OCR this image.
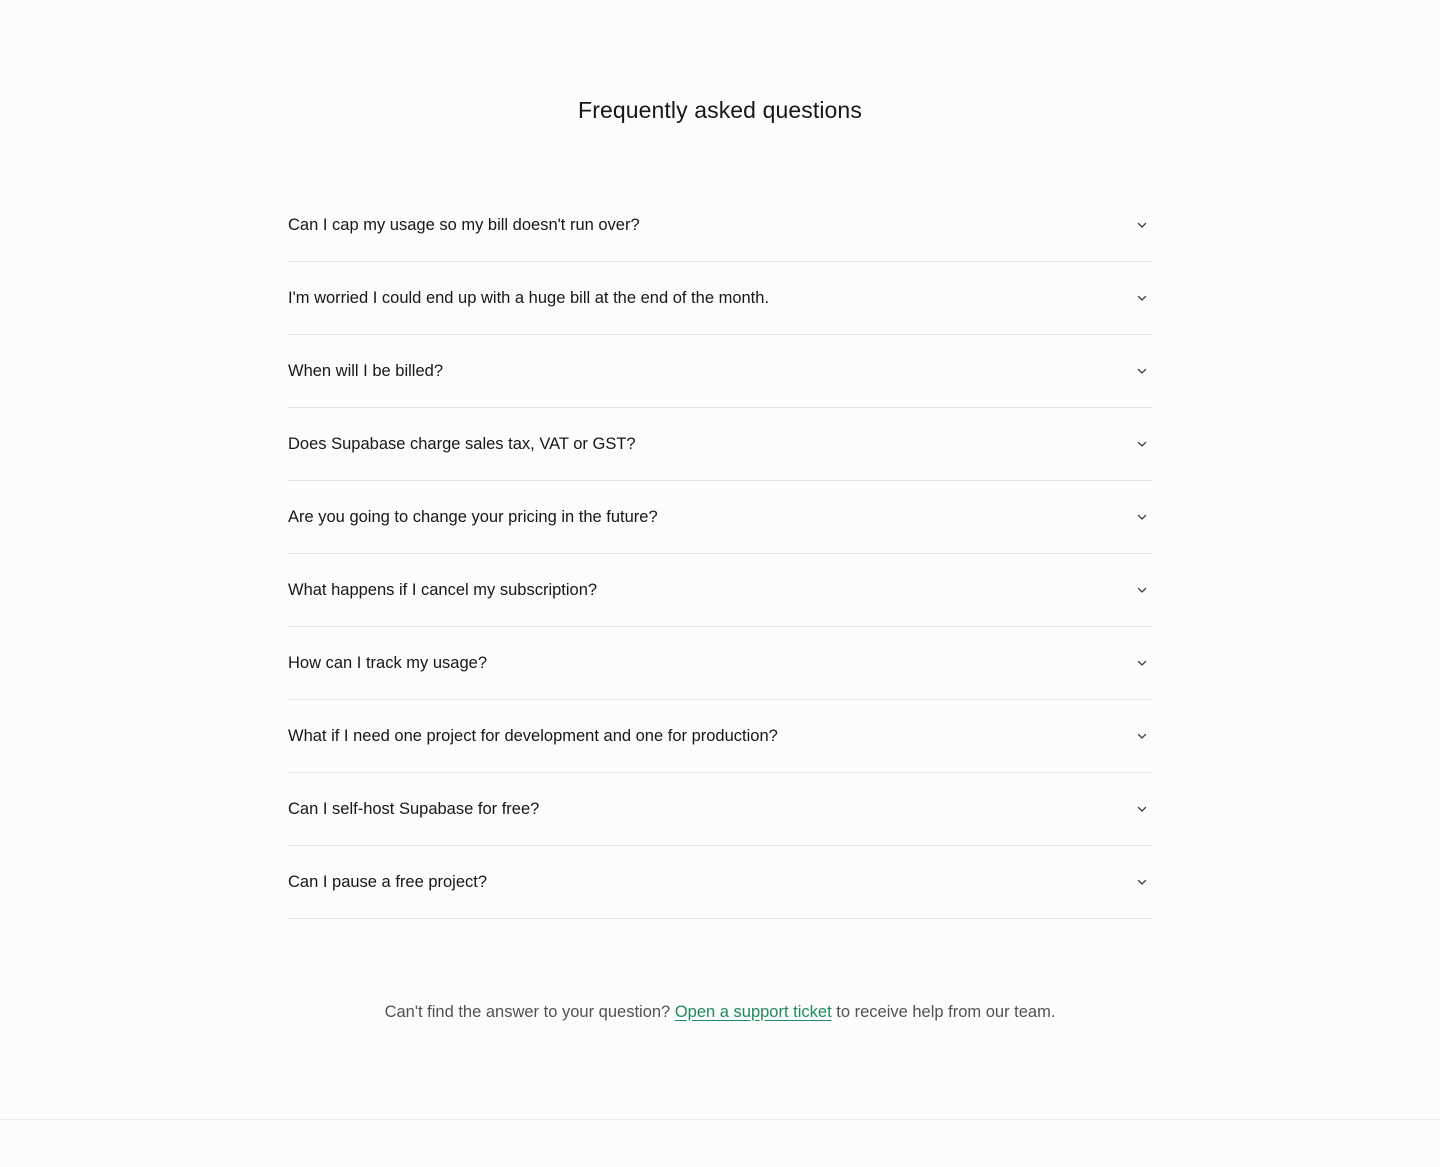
Frequently asked questions
Can I cap my usage so my bill doesn't run over?
I'm worried I could end up with a huge bill at the end of the month.
When will I be billed?
Does Supabase charge sales tax, VAT or GST?
Are you going to change your pricing in the future?
What happens if I cancel my subscription?
How can I track my usage?
What if I need one project for development and one for production?
Can I self-host Supabase for free?
Can I pause a free project?

Can't find the answer to your question? Open a support ticket to receive help from our team.
